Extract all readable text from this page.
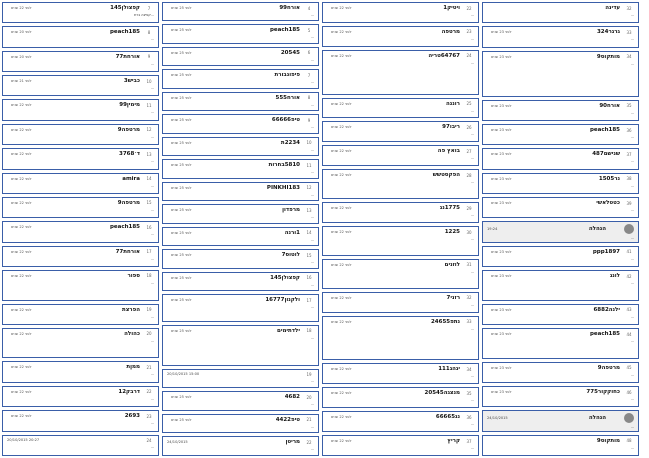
7
קפצולן145
לפני 22 שנים
...קפיצה ברת
8
peach185
לפני 20 שנים
...
9
אורחת77
לפני 20 שנים
...
10
כביש3
לפני 21 שנים
...
11
מימין99
לפני 22 שנים
...
12
מרטפה9
לפני 22 שנים
...
13
ד׳‏3768
לפני 22 שנים
...
14
amira
לפני 22 שנים
...
15
מרטפה9
לפני 22 שנים
...
16
peach185
לפני 22 שנים
...
17
אורחת77
לפני 22 שנים
...
18
ספור
לפני 22 שנים
...
19
הפרצת
לפני 22 שנים
...
20
כהולה
לפני 22 שנים
...
21
ממןת
לפני 22 שנים
...
22
דרבק12
לפני 22 שנים
...
23
2693
לפני 22 שנים
...
24
20/10/2015 20:27
...
4
אורח99
לפני 25 שנים
...
5
peach185
לפני 25 שנים
...
6
20545
לפני 25 שנים
...
7
פיפונבורת
לפני 25 שנים
...
8
אורח555
לפני 25 שנים
...
9
טיפ66666
לפני 25 שנים
...
10
2234ת
לפני 25 שנים
...
11
5810בחרות
לפני 25 שנים
...
12
PINKHI183
לפני 25 שנים
...
13
מרפדון
לפני 25 שנים
...
14
1ורנה
לפני 25 שנים
...
15
לוטוס7
לפני 25 שנים
...
16
קפצולן145
לפני 25 שנים
...
17
ולקנון16777
לפני 25 שנים
...
18
ילדתימים
לפני 25 שנים
...
19
20/10/2015 15:00
...
20
4682
לפני 25 שנים
...
21
טיפ4422
לפני 25 שנים
...
22
מריטן
24/10/2015
...
22
ויטיק1
לפני 22 שנים
...
23
מרטפה
לפני 22 שנים
...
24
64767טריה
לפני 22 שנים
...
25
רוננה
לפני 22 שנים
...
26
ריבו97
לפני 22 שנים
...
27
בואץ פה
לפני 22 שנים
...
28
הפקסטשש
לפני 22 שנים
...
29
1775נג
לפני 22 שנים
...
30
1225
לפני 22 שנים
...
31
לוזנים
לפני 22 שנים
...
32
רזני7
לפני 22 שנים
...
33
נתפ24655
לפני 22 שנים
...
34
יגהג111
לפני 22 שנים
...
35
מנצגה20545
לפני 22 שנים
...
36
נג66665
לפני 22 שנים
...
37
קריץ
לפני 22 שנים
...
32
עדינה
...
33
גרגר324
לפני 23 שנים
...
34
מותקוס9
לפני 23 שנים
...
35
אורח90
לפני 23 שנים
...
36
peach185
לפני 23 שנים
...
37
שנישם487
לפני 23 שנים
...
38
נר1505
לפני 23 שנים
...
39
כטטלאשי
לפני 23 שנים
...
הנהלה
19:24
...
41
ppp1897
לפני 23 שנים
...
42
לונג
לפני 23 שנים
...
43
ילנה6882
לפני 23 שנים
...
44
peach185
לפני 23 שנים
...
45
מרטפה9
לפני 23 שנים
...
46
כחוקקור775
לפני 23 שנים
...
הנהלה
24/10/2015
...
48
מותקוס9
...
